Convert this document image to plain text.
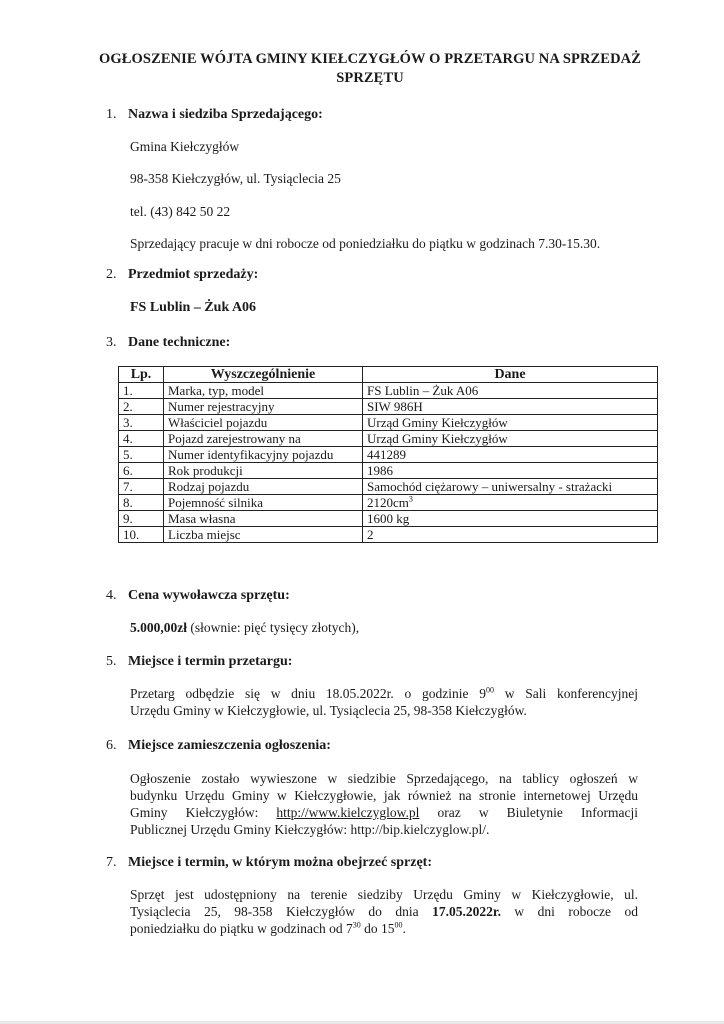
OGŁOSZENIE WÓJTA GMINY KIEŁCZYGŁÓW O PRZETARGU NA SPRZEDAŻ SPRZĘTU
1. Nazwa i siedziba Sprzedającego:
Gmina Kiełczygłów
98-358 Kiełczygłów, ul. Tysiąclecia 25
tel. (43) 842 50 22
Sprzedający pracuje w dni robocze od poniedziałku do piątku w godzinach 7.30-15.30.
2. Przedmiot sprzedaży:
FS Lublin – Żuk A06
3. Dane techniczne:
Lp.	Wyszczególnienie	Dane
1.	Marka, typ, model	FS Lublin – Żuk A06
2.	Numer rejestracyjny	SIW 986H
3.	Właściciel pojazdu	Urząd Gminy Kiełczygłów
4.	Pojazd zarejestrowany na	Urząd Gminy Kiełczygłów
5.	Numer identyfikacyjny pojazdu	441289
6.	Rok produkcji	1986
7.	Rodzaj pojazdu	Samochód ciężarowy – uniwersalny - strażacki
8.	Pojemność silnika	$2120cm^3$
9.	Masa własna	1600 kg
10.	Liczba miejsc	2
4. Cena wywoławcza sprzętu:
5.000,00zł (słownie: pięć tysięcy złotych),
5. Miejsce i termin przetargu:
Przetarg odbędzie się w dniu 18.05.2022r. o godzinie $9^{00}$ w Sali konferencyjnej
Urzędu Gminy w Kiełczygłowie, ul. Tysiąclecia 25, 98-358 Kiełczygłów.
6. Miejsce zamieszczenia ogłoszenia:
Ogłoszenie zostało wywieszone w siedzibie Sprzedającego, na tablicy ogłoszeń w
budynku Urzędu Gminy w Kiełczygłowie, jak również na stronie internetowej Urzędu
Gminy Kiełczygłów: http://www.kielczyglow.pl oraz w Biuletynie Informacji
Publicznej Urzędu Gminy Kiełczygłów: http://bip.kielczyglow.pl/.
7. Miejsce i termin, w którym można obejrzeć sprzęt:
Sprzęt jest udostępniony na terenie siedziby Urzędu Gminy w Kiełczygłowie, ul.
Tysiąclecia 25, 98-358 Kiełczygłów do dnia 17.05.2022r. w dni robocze od
poniedziałku do piątku w godzinach od $7^{30}$ do $15^{00}$.
